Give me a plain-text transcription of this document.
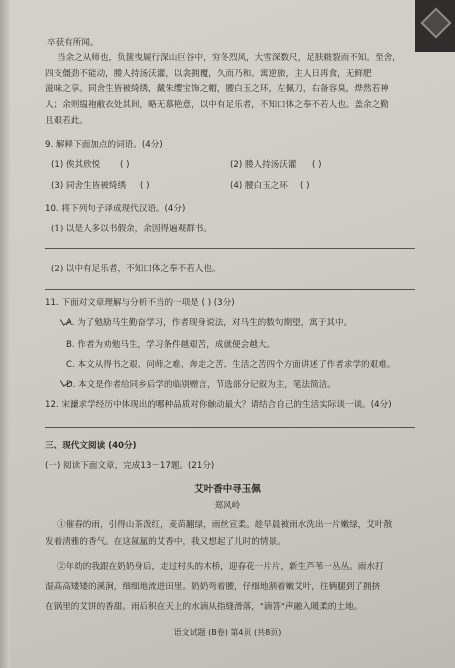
卒获有所闻。
当余之从师也，负箧曳屣行深山巨谷中，穷冬烈风，大雪深数尺，足肤皲裂而不知。至舍，
四支僵劲不能动，媵人持汤沃灌，以衾拥覆，久而乃和。寓逆旅，主人日再食，无鲜肥
滋味之享。同舍生皆被绮绣，戴朱缨宝饰之帽，腰白玉之环，左佩刀，右备容臭，烨然若神
人；余则缊袍敝衣处其间，略无慕艳意，以中有足乐者，不知口体之奉不若人也。盖余之勤
且艰若此。
9. 解释下面加点的词语。(4分)
(1) 俟其欣悦 ( )	(2) 媵人持汤沃灌 ( )
(3) 同舍生皆被绮绣 ( )	(4) 腰白玉之环 ( )
10. 将下列句子译成现代汉语。(4分)
(1) 以是人多以书假余，余因得遍观群书。
(2) 以中有足乐者，不知口体之奉不若人也。
11. 下面对文章理解与分析不当的一项是 ( ) (3分)
A. 为了勉励马生勤奋学习，作者现身说法，对马生的数句期望，寓于其中。
B. 作者为劝勉马生，学习条件越艰苦，成就便会越大。
C. 本文从得书之艰、问师之难、奔走之苦、生活之苦四个方面讲述了作者求学的艰难。
D. 本文是作者给同乡后学的临别赠言，节选部分记叙为主，笔法简洁。
12. 宋濂求学经历中体现出的哪种品质对你触动最大？请结合自己的生活实际谈一谈。(4分)
三、现代文阅读 (40分)
(一) 阅读下面文章，完成13－17题。(21分)
艾叶香中寻玉佩
郑风岭
①催春的雨，引得山茶泼红，麦苗翻绿，雨丝宣柔。趁早晨被雨水洗出一片嫩绿，艾叶散
发着清雅的香气。在这氤氲的艾香中，我又想起了儿时的情景。
②年幼的我跟在奶奶身后，走过村头的木桥，迎春花一片片，新生芦苇一丛丛。雨水打
湿高高矮矮的溪涧，细细地流进田里。奶奶弯着腰，仔细地割着嫩艾叶，往俩腿到了拥挤
在锅里的艾饼的香甜。雨后积在天上的水滴从指缝滑落，"滴答"声融入暖柔的土地。
语文试题 (B卷) 第4页 (共8页)
